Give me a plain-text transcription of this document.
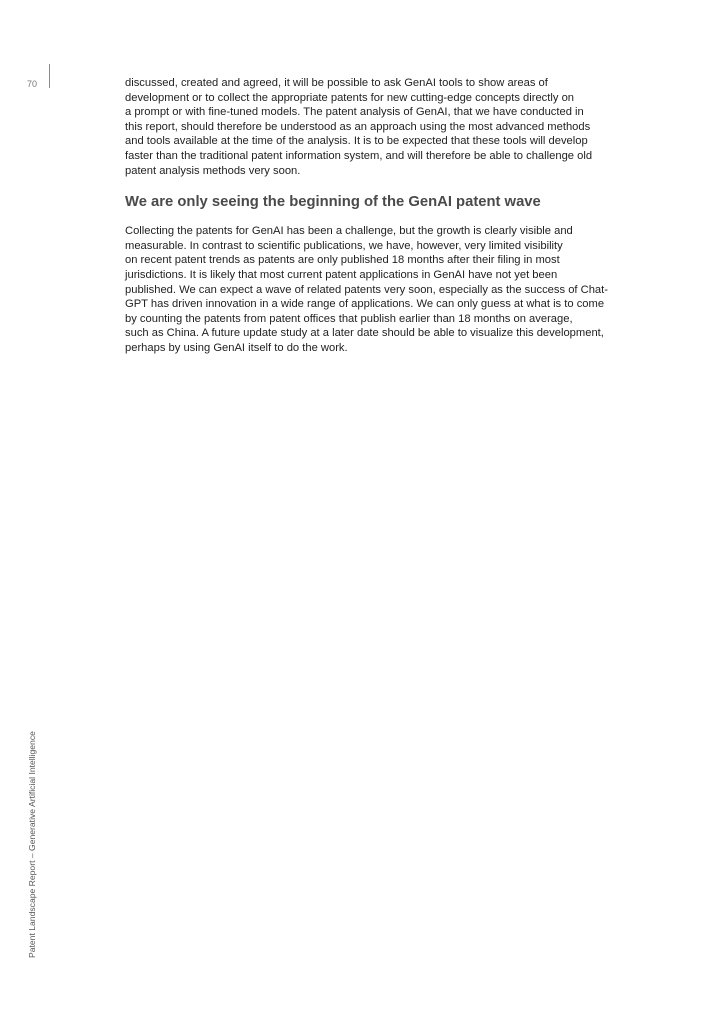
70	discussed, created and agreed, it will be possible to ask GenAI tools to show areas of
development or to collect the appropriate patents for new cutting-edge concepts directly on
a prompt or with fine-tuned models. The patent analysis of GenAI, that we have conducted in
this report, should therefore be understood as an approach using the most advanced methods
and tools available at the time of the analysis. It is to be expected that these tools will develop
faster than the traditional patent information system, and will therefore be able to challenge old
patent analysis methods very soon.

We are only seeing the beginning of the GenAI patent wave

Collecting the patents for GenAI has been a challenge, but the growth is clearly visible and
measurable. In contrast to scientific publications, we have, however, very limited visibility
on recent patent trends as patents are only published 18 months after their filing in most
jurisdictions. It is likely that most current patent applications in GenAI have not yet been
published. We can expect a wave of related patents very soon, especially as the success of Chat-
GPT has driven innovation in a wide range of applications. We can only guess at what is to come
by counting the patents from patent offices that publish earlier than 18 months on average,
such as China. A future update study at a later date should be able to visualize this development,
perhaps by using GenAI itself to do the work.

Patent Landscape Report – Generative Artificial Intelligence
